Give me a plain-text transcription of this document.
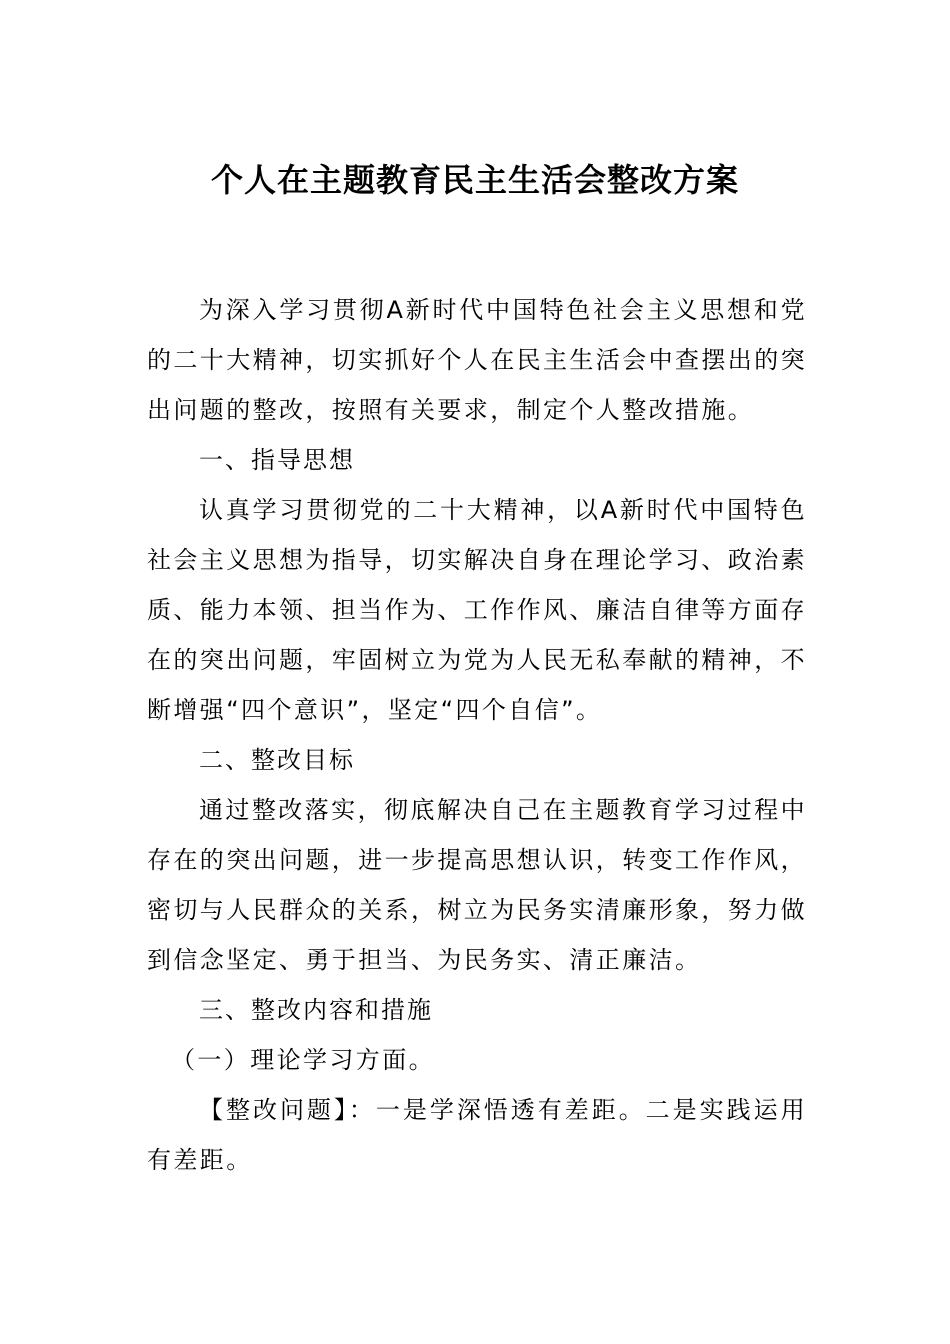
个人在主题教育民主生活会整改方案

为深入学习贯彻A新时代中国特色社会主义思想和党的二十大精神，切实抓好个人在民主生活会中查摆出的突出问题的整改，按照有关要求，制定个人整改措施。

一、指导思想

认真学习贯彻党的二十大精神，以A新时代中国特色社会主义思想为指导，切实解决自身在理论学习、政治素质、能力本领、担当作为、工作作风、廉洁自律等方面存在的突出问题，牢固树立为党为人民无私奉献的精神，不断增强“四个意识”，坚定“四个自信”。

二、整改目标

通过整改落实，彻底解决自己在主题教育学习过程中存在的突出问题，进一步提高思想认识，转变工作作风，密切与人民群众的关系，树立为民务实清廉形象，努力做到信念坚定、勇于担当、为民务实、清正廉洁。

三、整改内容和措施

（一）理论学习方面。

【整改问题】：一是学深悟透有差距。二是实践运用有差距。
